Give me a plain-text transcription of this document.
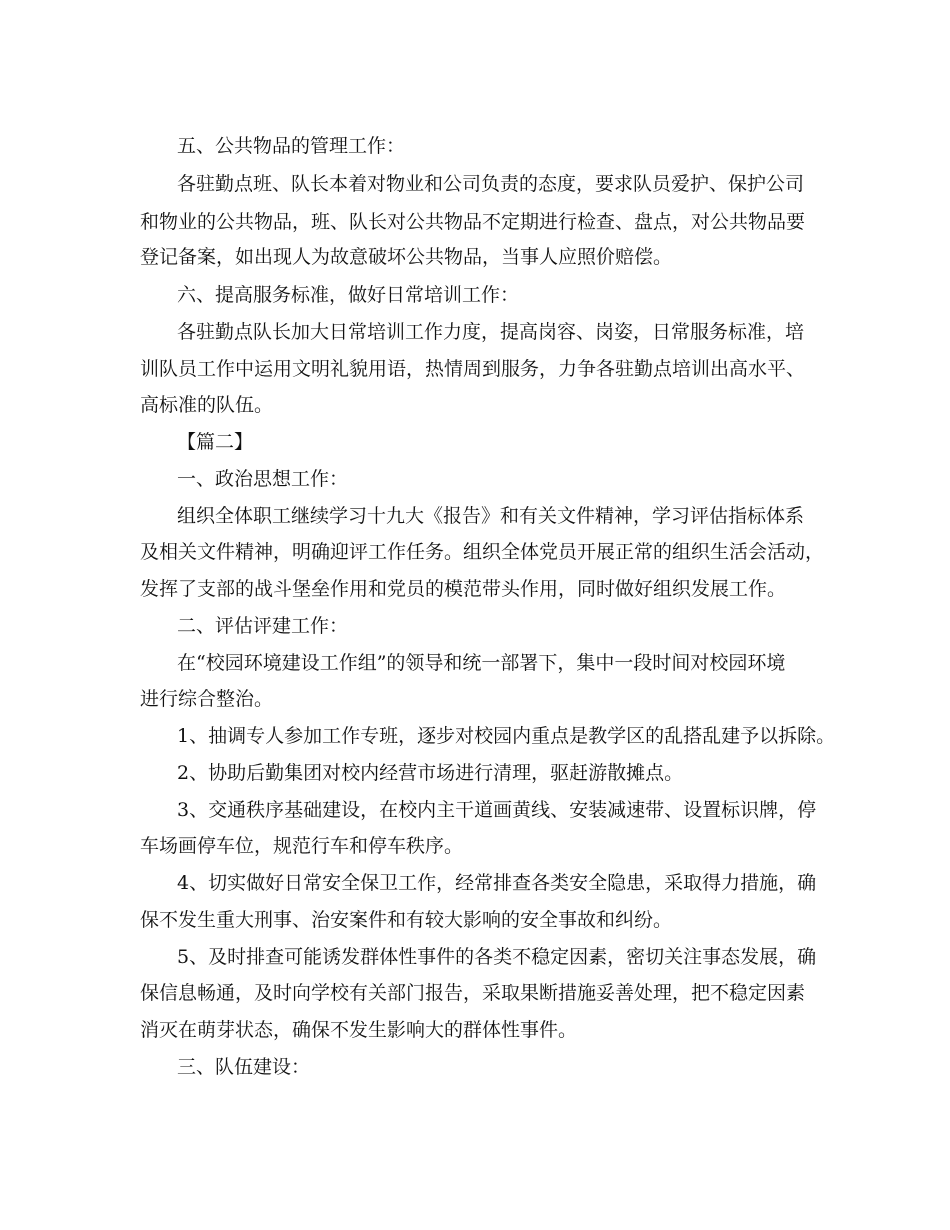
五、公共物品的管理工作：
各驻勤点班、队长本着对物业和公司负责的态度，要求队员爱护、保护公司
和物业的公共物品，班、队长对公共物品不定期进行检查、盘点，对公共物品要
登记备案，如出现人为故意破坏公共物品，当事人应照价赔偿。
六、提高服务标准，做好日常培训工作：
各驻勤点队长加大日常培训工作力度，提高岗容、岗姿，日常服务标准，培
训队员工作中运用文明礼貌用语，热情周到服务，力争各驻勤点培训出高水平、
高标准的队伍。
【篇二】
一、政治思想工作：
组织全体职工继续学习十九大《报告》和有关文件精神，学习评估指标体系
及相关文件精神，明确迎评工作任务。组织全体党员开展正常的组织生活会活动，
发挥了支部的战斗堡垒作用和党员的模范带头作用，同时做好组织发展工作。
二、评估评建工作：
在“校园环境建设工作组”的领导和统一部署下，集中一段时间对校园环境
进行综合整治。
1、抽调专人参加工作专班，逐步对校园内重点是教学区的乱搭乱建予以拆除。
2、协助后勤集团对校内经营市场进行清理，驱赶游散摊点。
3、交通秩序基础建设，在校内主干道画黄线、安装减速带、设置标识牌，停
车场画停车位，规范行车和停车秩序。
4、切实做好日常安全保卫工作，经常排查各类安全隐患，采取得力措施，确
保不发生重大刑事、治安案件和有较大影响的安全事故和纠纷。
5、及时排查可能诱发群体性事件的各类不稳定因素，密切关注事态发展，确
保信息畅通，及时向学校有关部门报告，采取果断措施妥善处理，把不稳定因素
消灭在萌芽状态，确保不发生影响大的群体性事件。
三、队伍建设：
